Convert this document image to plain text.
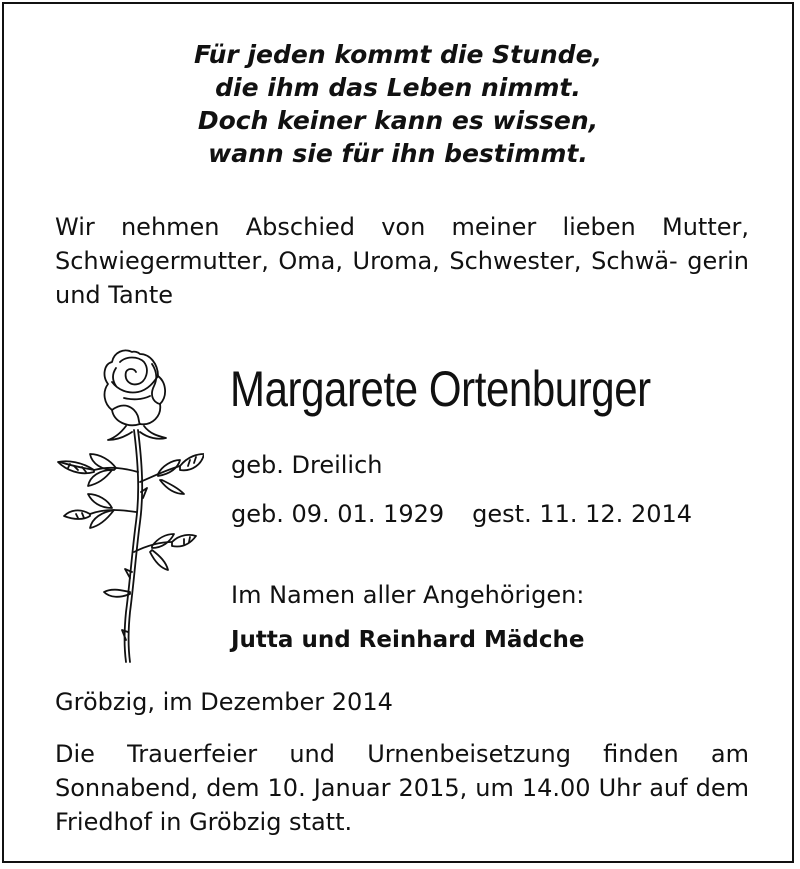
Für jeden kommt die Stunde,
die ihm das Leben nimmt.
Doch keiner kann es wissen,
wann sie für ihn bestimmt.
Wir nehmen Abschied von meiner lieben Mutter, Schwiegermutter, Oma, Uroma, Schwester, Schwä- gerin und Tante
Margarete Ortenburger
geb. Dreilich
geb. 09. 01. 1929 gest. 11. 12. 2014
Im Namen aller Angehörigen:
Jutta und Reinhard Mädche
Gröbzig, im Dezember 2014
Die Trauerfeier und Urnenbeisetzung finden am Sonnabend, dem 10. Januar 2015, um 14.00 Uhr auf dem Friedhof in Gröbzig statt.
